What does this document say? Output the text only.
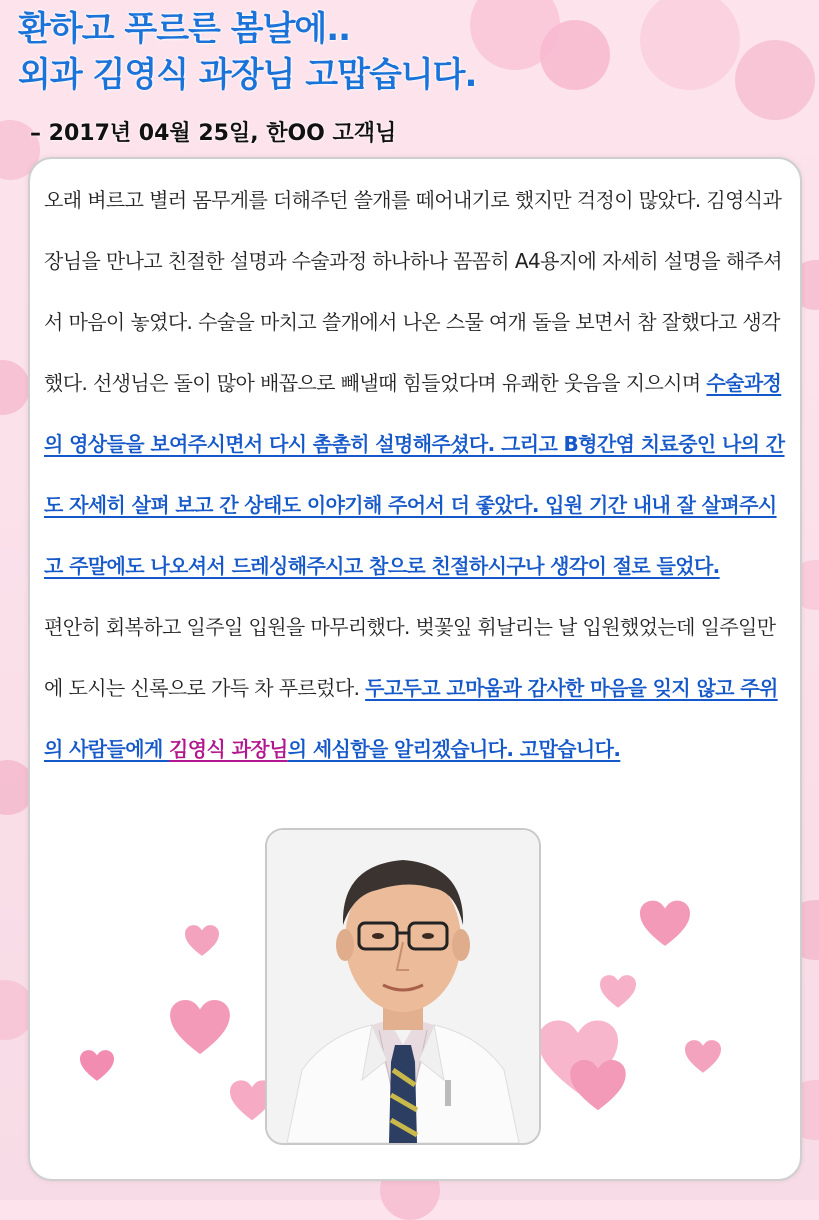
환하고 푸르른 봄날에..
외과 김영식 과장님 고맙습니다.
– 2017년 04월 25일, 한OO 고객님

오래 벼르고 별러 몸무게를 더해주던 쓸개를 떼어내기로 했지만 걱정이 많았다. 김영식과장님을 만나고 친절한 설명과 수술과정 하나하나 꼼꼼히 A4용지에 자세히 설명을 해주셔서 마음이 놓였다. 수술을 마치고 쓸개에서 나온 스물 여개 돌을 보면서 참 잘했다고 생각했다. 선생님은 돌이 많아 배꼽으로 빼낼때 힘들었다며 유쾌한 웃음을 지으시며 수술과정의 영상들을 보여주시면서 다시 촘촘히 설명해주셨다. 그리고 B형간염 치료중인 나의 간도 자세히 살펴 보고 간 상태도 이야기해 주어서 더 좋았다. 입원 기간 내내 잘 살펴주시고 주말에도 나오셔서 드레싱해주시고 참으로 친절하시구나 생각이 절로 들었다.

편안히 회복하고 일주일 입원을 마무리했다. 벚꽃잎 휘날리는 날 입원했었는데 일주일만에 도시는 신록으로 가득 차 푸르렀다. 두고두고 고마움과 감사한 마음을 잊지 않고 주위의 사람들에게 김영식 과장님의 세심함을 알리겠습니다. 고맙습니다.
